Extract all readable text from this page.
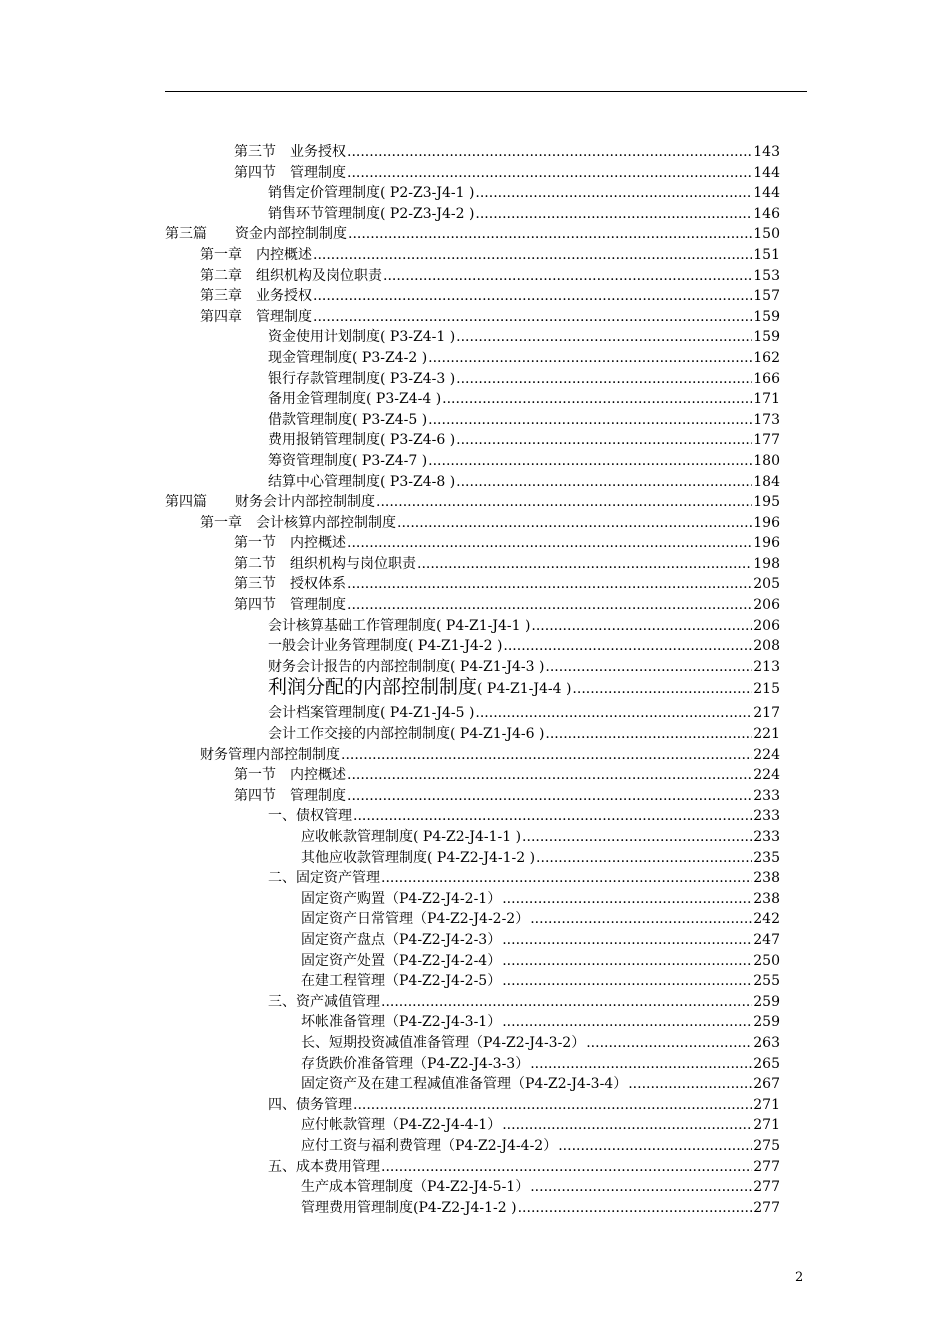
第三节　业务授权 .....	143
第四节　管理制度 .....	144
销售定价管理制度( P2-Z3-J4-1 ) .....	144
销售环节管理制度( P2-Z3-J4-2 ) .....	146
第三篇　　资金内部控制制度 .....	150
第一章　内控概述 .....	151
第二章　组织机构及岗位职责 .....	153
第三章　业务授权 .....	157
第四章　管理制度 .....	159
资金使用计划制度( P3-Z4-1 ) .....	159
现金管理制度( P3-Z4-2 ) .....	162
银行存款管理制度( P3-Z4-3 ) .....	166
备用金管理制度( P3-Z4-4 ) .....	171
借款管理制度( P3-Z4-5 ) .....	173
费用报销管理制度( P3-Z4-6 ) .....	177
筹资管理制度( P3-Z4-7 ) .....	180
结算中心管理制度( P3-Z4-8 ) .....	184
第四篇　　财务会计内部控制制度 .....	195
第一章　会计核算内部控制制度 .....	196
第一节　内控概述 .....	196
第二节　组织机构与岗位职责 .....	198
第三节　授权体系 .....	205
第四节　管理制度 .....	206
会计核算基础工作管理制度( P4-Z1-J4-1 ) .....	206
一般会计业务管理制度( P4-Z1-J4-2 ) .....	208
财务会计报告的内部控制制度( P4-Z1-J4-3 ) .....	213
利润分配的内部控制制度( P4-Z1-J4-4 ) .....	215
会计档案管理制度( P4-Z1-J4-5 ) .....	217
会计工作交接的内部控制制度( P4-Z1-J4-6 ) .....	221
财务管理内部控制制度 .....	224
第一节　内控概述 .....	224
第四节　管理制度 .....	233
一、债权管理 .....	233
应收帐款管理制度( P4-Z2-J4-1-1 ) .....	233
其他应收款管理制度( P4-Z2-J4-1-2 ) .....	235
二、固定资产管理 .....	238
固定资产购置（P4-Z2-J4-2-1） .....	238
固定资产日常管理（P4-Z2-J4-2-2） .....	242
固定资产盘点（P4-Z2-J4-2-3） .....	247
固定资产处置（P4-Z2-J4-2-4） .....	250
在建工程管理（P4-Z2-J4-2-5） .....	255
三、资产减值管理 .....	259
坏帐准备管理（P4-Z2-J4-3-1） .....	259
长、短期投资减值准备管理（P4-Z2-J4-3-2） .....	263
存货跌价准备管理（P4-Z2-J4-3-3） .....	265
固定资产及在建工程减值准备管理（P4-Z2-J4-3-4） .....	267
四、债务管理 .....	271
应付帐款管理（P4-Z2-J4-4-1） .....	271
应付工资与福利费管理（P4-Z2-J4-4-2） .....	275
五、成本费用管理 .....	277
生产成本管理制度（P4-Z2-J4-5-1） .....	277
管理费用管理制度(P4-Z2-J4-1-2 ) .....	277
2
